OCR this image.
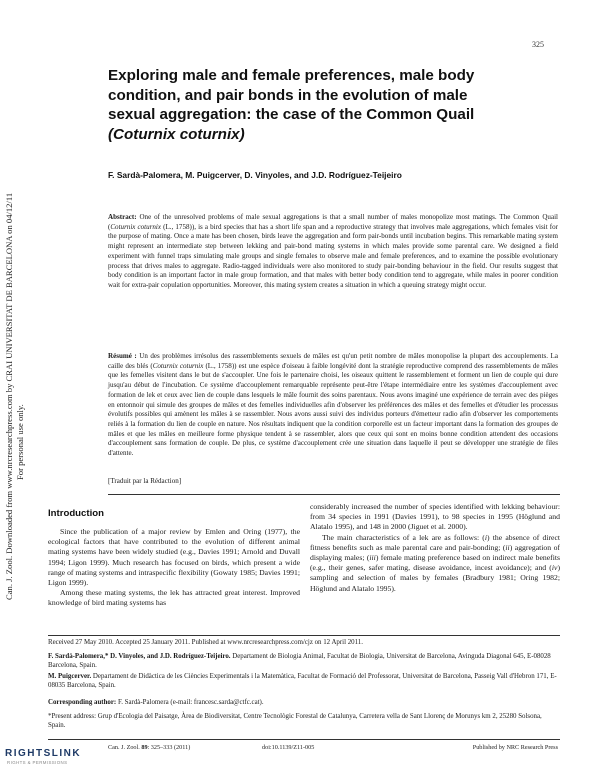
325
Can. J. Zool. Downloaded from www.nrcresearchpress.com by CRAI UNIVERSITAT DE BARCELONA on 04/12/11 For personal use only.
Exploring male and female preferences, male body
condition, and pair bonds in the evolution of male
sexual aggregation: the case of the Common Quail
(Coturnix coturnix)
F. Sardà-Palomera, M. Puigcerver, D. Vinyoles, and J.D. Rodríguez-Teijeiro

Abstract: One of the unresolved problems of male sexual aggregations is that a small number of males monopolize most matings. The Common Quail (Coturnix coturnix (L., 1758)), is a bird species that has a short life span and a reproductive strategy that involves male aggregations, which females visit for the purpose of mating. Once a mate has been chosen, birds leave the aggregation and form pair-bonds until incubation begins. This remarkable mating system might represent an intermediate step between lekking and pair-bond mating systems in which males provide some parental care. We designed a field experiment with funnel traps simulating male groups and single females to observe male and female preferences, and to examine the possible evolutionary process that drives males to aggregate. Radio-tagged individuals were also monitored to study pair-bonding behaviour in the field. Our results suggest that body condition is an important factor in male group formation, and that males with better body condition tend to aggregate, while males in poorer condition wait for extra-pair copulation opportunities. Moreover, this mating system creates a situation in which a queuing strategy might occur.

Résumé : Un des problèmes irrésolus des rassemblements sexuels de mâles est qu'un petit nombre de mâles monopolise la plupart des accouplements. La caille des blés (Coturnix coturnix (L., 1758)) est une espèce d'oiseau à faible longévité dont la stratégie reproductive comprend des rassemblements de mâles que les femelles visitent dans le but de s'accoupler. Une fois le partenaire choisi, les oiseaux quittent le rassemblement et forment un lien de couple qui dure jusqu'au début de l'incubation. Ce système d'accouplement remarquable représente peut-être l'étape intermédiaire entre les systèmes d'accouplement avec formation de lek et ceux avec lien de couple dans lesquels le mâle fournit des soins parentaux. Nous avons imaginé une expérience de terrain avec des pièges en entonnoir qui simule des groupes de mâles et des femelles individuelles afin d'observer les préférences des mâles et des femelles et d'étudier les processus évolutifs possibles qui amènent les mâles à se rassembler. Nous avons aussi suivi des individus porteurs d'émetteur radio afin d'observer les comportements reliés à la formation du lien de couple en nature. Nos résultats indiquent que la condition corporelle est un facteur important dans la formation des groupes de mâles et que les mâles en meilleure forme physique tendent à se rassembler, alors que ceux qui sont en moins bonne condition attendent des occasions d'accouplement sans formation de couple. De plus, ce système d'accouplement crée une situation dans laquelle il peut se développer une stratégie de files d'attente.

[Traduit par la Rédaction]
Introduction

Since the publication of a major review by Emlen and Oring (1977), the ecological factors that have contributed to the evolution of different animal mating systems have been widely studied (e.g., Davies 1991; Arnold and Duvall 1994; Ligon 1999). Much research has focused on birds, which present a wide range of mating systems and intraspecific flexibility (Gowaty 1985; Davies 1991; Ligon 1999).

Among these mating systems, the lek has attracted great interest. Improved knowledge of bird mating systems has

considerably increased the number of species identified with lekking behaviour: from 34 species in 1991 (Davies 1991), to 98 species in 1995 (Höglund and Alatalo 1995), and 148 in 2000 (Jiguet et al. 2000).

The main characteristics of a lek are as follows: (i) the absence of direct fitness benefits such as male parental care and pair-bonding; (ii) aggregation of displaying males; (iii) female mating preference based on indirect male benefits (e.g., their genes, safer mating, disease avoidance, incest avoidance); and (iv) sampling and selection of males by females (Bradbury 1981; Oring 1982; Höglund and Alatalo 1995).

Received 27 May 2010. Accepted 25 January 2011. Published at www.nrcresearchpress.com/cjz on 12 April 2011.

F. Sardà-Palomera,* D. Vinyoles, and J.D. Rodríguez-Teijeiro. Departament de Biologia Animal, Facultat de Biologia, Universitat de Barcelona, Avinguda Diagonal 645, E-08028 Barcelona, Spain.

M. Puigcerver. Departament de Didàctica de les Ciències Experimentals i la Matemàtica, Facultat de Formació del Professorat, Universitat de Barcelona, Passeig Vall d'Hebron 171, E-08035 Barcelona, Spain.

Corresponding author: F. Sardà-Palomera (e-mail: francesc.sarda@ctfc.cat).

*Present address: Grup d'Ecologia del Paisatge, Àrea de Biodiversitat, Centre Tecnològic Forestal de Catalunya, Carretera vella de Sant Llorenç de Morunys km 2, 25280 Solsona, Spain.

Can. J. Zool. 89: 325–333 (2011)	doi:10.1139/Z11-005	Published by NRC Research Press
RIGHTSLINK
RIGHTS & PERMISSIONS
